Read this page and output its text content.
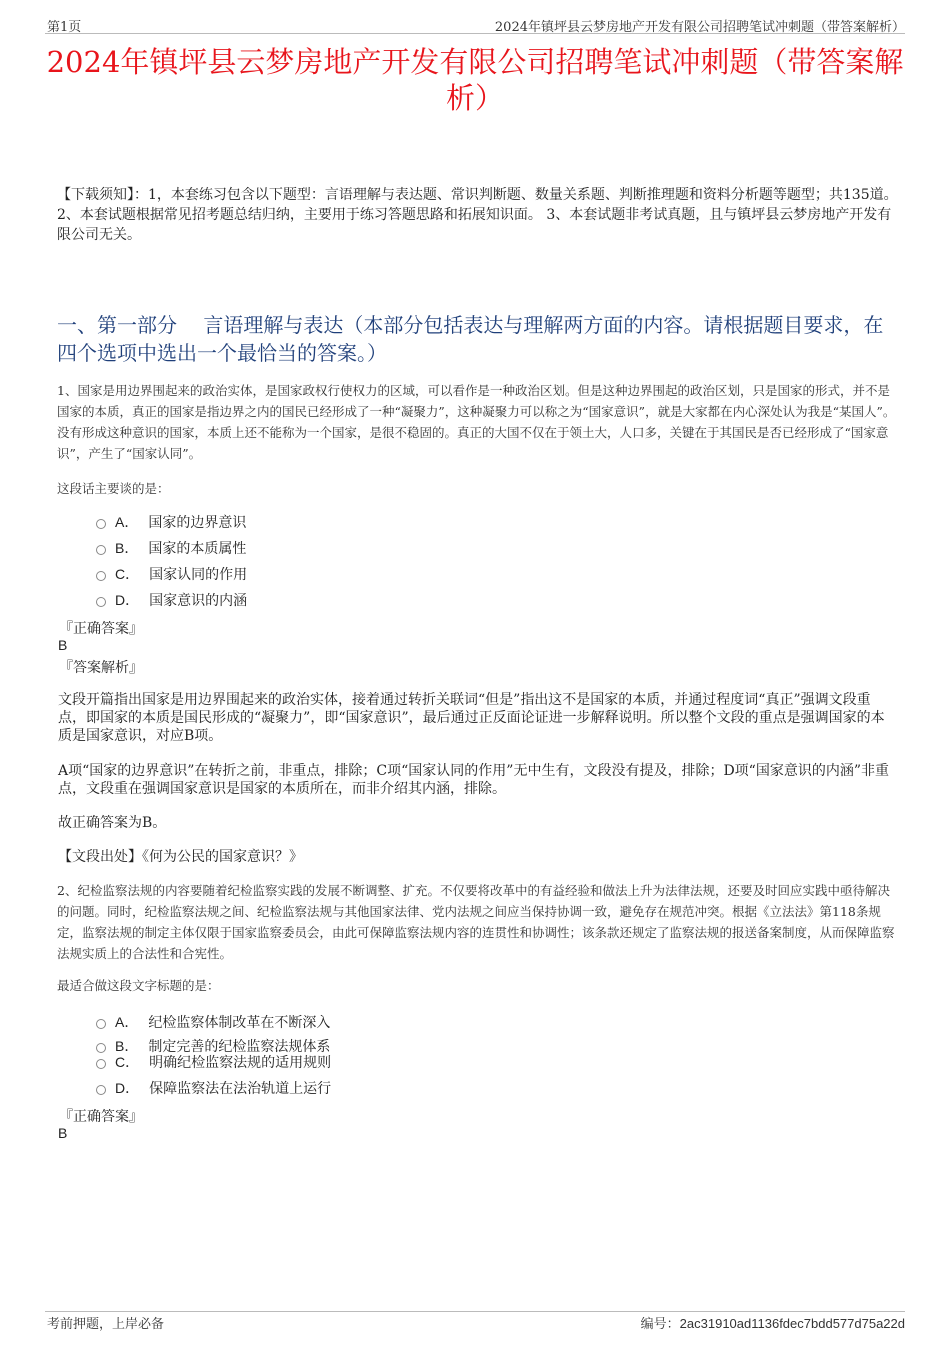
第1页	2024年镇坪县云梦房地产开发有限公司招聘笔试冲刺题（带答案解析）
2024年镇坪县云梦房地产开发有限公司招聘笔试冲刺题（带答案解析）
【下载须知】：1，本套练习包含以下题型：言语理解与表达题、常识判断题、数量关系题、判断推理题和资料分析题等题型；共135道。 2、本套试题根据常见招考题总结归纳，主要用于练习答题思路和拓展知识面。 3、本套试题非考试真题，且与镇坪县云梦房地产开发有限公司无关。
一、第一部分　 言语理解与表达（本部分包括表达与理解两方面的内容。请根据题目要求，在四个选项中选出一个最恰当的答案。）
1、国家是用边界围起来的政治实体，是国家政权行使权力的区域，可以看作是一种政治区划。但是这种边界围起的政治区划，只是国家的形式，并不是国家的本质，真正的国家是指边界之内的国民已经形成了一种“凝聚力”，这种凝聚力可以称之为“国家意识”，就是大家都在内心深处认为我是“某国人”。没有形成这种意识的国家，本质上还不能称为一个国家，是很不稳固的。真正的大国不仅在于领土大，人口多，关键在于其国民是否已经形成了“国家意识”，产生了“国家认同”。
这段话主要谈的是：
A． 国家的边界意识
B． 国家的本质属性
C． 国家认同的作用
D． 国家意识的内涵
『正确答案』
B
『答案解析』
文段开篇指出国家是用边界围起来的政治实体，接着通过转折关联词“但是”指出这不是国家的本质，并通过程度词“真正”强调文段重点，即国家的本质是国民形成的“凝聚力”，即“国家意识”，最后通过正反面论证进一步解释说明。所以整个文段的重点是强调国家的本质是国家意识，对应B项。
A项“国家的边界意识”在转折之前，非重点，排除；C项“国家认同的作用”无中生有，文段没有提及，排除；D项“国家意识的内涵”非重点，文段重在强调国家意识是国家的本质所在，而非介绍其内涵，排除。
故正确答案为B。
【文段出处】《何为公民的国家意识？》
2、纪检监察法规的内容要随着纪检监察实践的发展不断调整、扩充。不仅要将改革中的有益经验和做法上升为法律法规，还要及时回应实践中亟待解决的问题。同时，纪检监察法规之间、纪检监察法规与其他国家法律、党内法规之间应当保持协调一致，避免存在规范冲突。根据《立法法》第118条规定，监察法规的制定主体仅限于国家监察委员会，由此可保障监察法规内容的连贯性和协调性；该条款还规定了监察法规的报送备案制度，从而保障监察法规实质上的合法性和合宪性。
最适合做这段文字标题的是：
A． 纪检监察体制改革在不断深入
B． 制定完善的纪检监察法规体系
C． 明确纪检监察法规的适用规则
D． 保障监察法在法治轨道上运行
『正确答案』
B
考前押题，上岸必备	编号：2ac31910ad1136fdec7bdd577d75a22d
